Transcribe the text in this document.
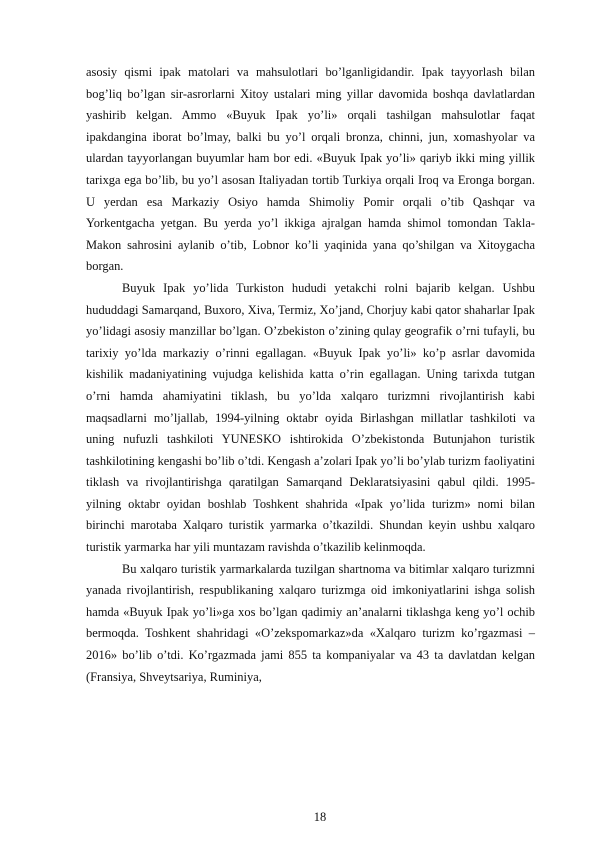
asosiy qismi ipak matolari va mahsulotlari bo’lganligidandir. Ipak tayyorlash bilan bog’liq bo’lgan sir-asrorlarni Xitoy ustalari ming yillar davomida boshqa davlatlardan yashirib kelgan. Ammo «Buyuk Ipak yo’li» orqali tashilgan mahsulotlar faqat ipakdangina iborat bo’lmay, balki bu yo’l orqali bronza, chinni, jun, xomashyolar va ulardan tayyorlangan buyumlar ham bor edi. «Buyuk Ipak yo’li» qariyb ikki ming yillik tarixga ega bo’lib, bu yo’l asosan Italiyadan tortib Turkiya orqali Iroq va Eronga borgan. U yerdan esa Markaziy Osiyo hamda Shimoliy Pomir orqali o’tib Qashqar va Yorkentgacha yetgan. Bu yerda yo’l ikkiga ajralgan hamda shimol tomondan Takla-Makon sahrosini aylanib o’tib, Lobnor ko’li yaqinida yana qo’shilgan va Xitoygacha borgan.

Buyuk Ipak yo’lida Turkiston hududi yetakchi rolni bajarib kelgan. Ushbu hududdagi Samarqand, Buxoro, Xiva, Termiz, Xo’jand, Chorjuy kabi qator shaharlar Ipak yo’lidagi asosiy manzillar bo’lgan. O’zbekiston o’zining qulay geografik o’rni tufayli, bu tarixiy yo’lda markaziy o’rinni egallagan. «Buyuk Ipak yo’li» ko’p asrlar davomida kishilik madaniyatining vujudga kelishida katta o’rin egallagan. Uning tarixda tutgan o’rni hamda ahamiyatini tiklash, bu yo’lda xalqaro turizmni rivojlantirish kabi maqsadlarni mo’ljallab, 1994-yilning oktabr oyida Birlashgan millatlar tashkiloti va uning nufuzli tashkiloti YUNESKO ishtirokida O’zbekistonda Butunjahon turistik tashkilotining kengashi bo’lib o’tdi. Kengash a’zolari Ipak yo’li bo’ylab turizm faoliyatini tiklash va rivojlantirishga qaratilgan Samarqand Deklaratsiyasini qabul qildi. 1995-yilning oktabr oyidan boshlab Toshkent shahrida «Ipak yo’lida turizm» nomi bilan birinchi marotaba Xalqaro turistik yarmarka o’tkazildi. Shundan keyin ushbu xalqaro turistik yarmarka har yili muntazam ravishda o’tkazilib kelinmoqda.

Bu xalqaro turistik yarmarkalarda tuzilgan shartnoma va bitimlar xalqaro turizmni yanada rivojlantirish, respublikaning xalqaro turizmga oid imkoniyatlarini ishga solish hamda «Buyuk Ipak yo’li»ga xos bo’lgan qadimiy an’analarni tiklashga keng yo’l ochib bermoqda. Toshkent shahridagi «O’zekspomarkaz»da «Xalqaro turizm ko’rgazmasi – 2016» bo’lib o’tdi. Ko’rgazmada jami 855 ta kompaniyalar va 43 ta davlatdan kelgan (Fransiya, Shveytsariya, Ruminiya,

18
